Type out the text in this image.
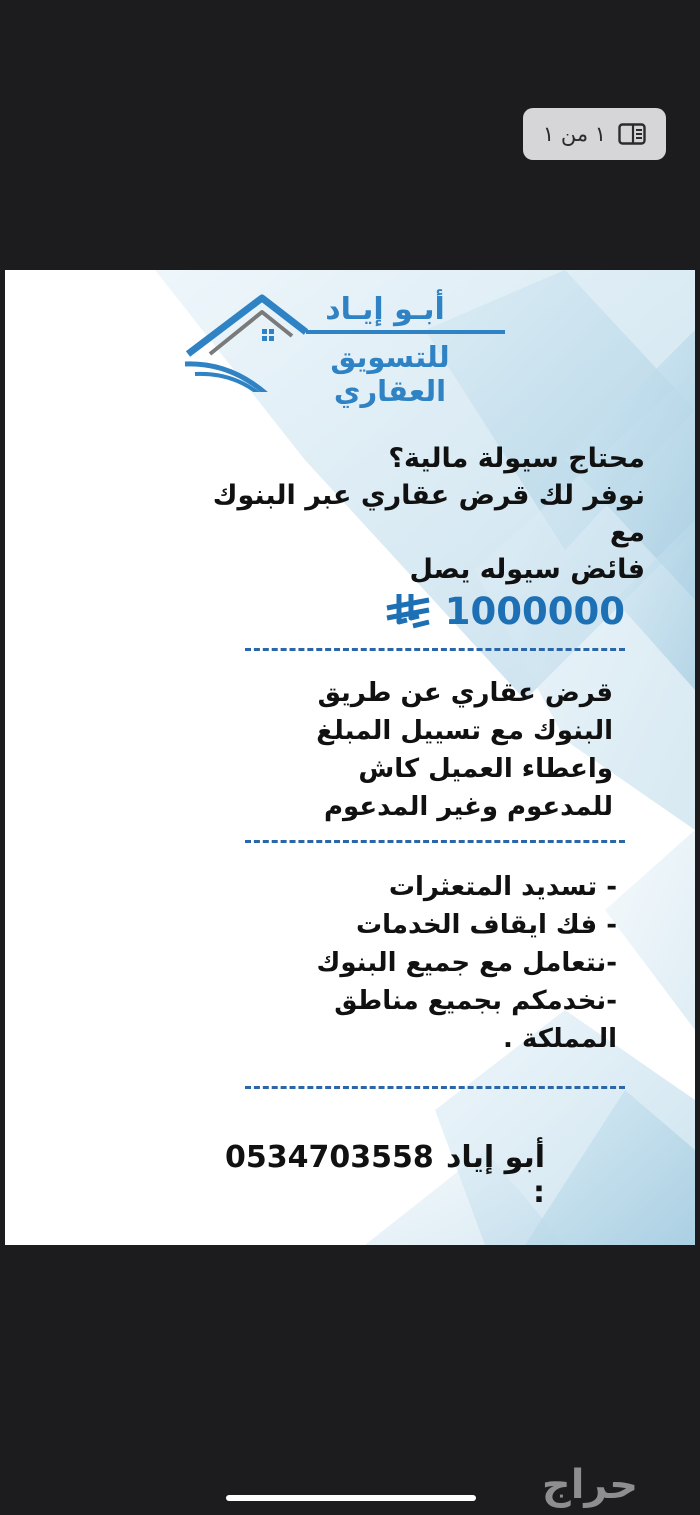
١ من ١
أبـو إيـاد
للتسويق العقاري
محتاج سيولة مالية؟
نوفر لك قرض عقاري عبر البنوك مع
فائض سيوله يصل
1000000
قرض عقاري عن طريق
البنوك مع تسييل المبلغ
واعطاء العميل كاش
للمدعوم وغير المدعوم
- تسديد المتعثرات
- فك ايقاف الخدمات
-نتعامل مع جميع البنوك
-نخدمكم بجميع مناطق
المملكة .
أبو إياد :
0534703558
حراج
